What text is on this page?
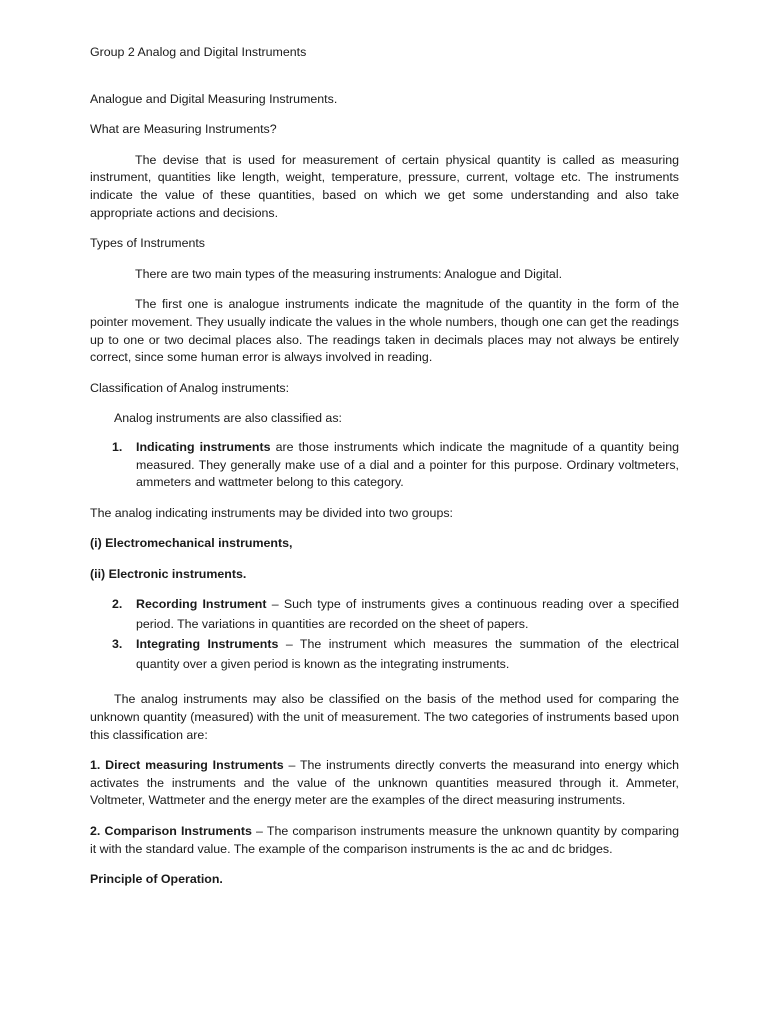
Group 2 Analog and Digital Instruments

Analogue and Digital Measuring Instruments.

What are Measuring Instruments?

The devise that is used for measurement of certain physical quantity is called as measuring instrument, quantities like length, weight, temperature, pressure, current, voltage etc. The instruments indicate the value of these quantities, based on which we get some understanding and also take appropriate actions and decisions.

Types of Instruments

There are two main types of the measuring instruments: Analogue and Digital.

The first one is analogue instruments indicate the magnitude of the quantity in the form of the pointer movement. They usually indicate the values in the whole numbers, though one can get the readings up to one or two decimal places also. The readings taken in decimals places may not always be entirely correct, since some human error is always involved in reading.

Classification of Analog instruments:

Analog instruments are also classified as:

1. Indicating instruments are those instruments which indicate the magnitude of a quantity being measured. They generally make use of a dial and a pointer for this purpose. Ordinary voltmeters, ammeters and wattmeter belong to this category.

The analog indicating instruments may be divided into two groups:

(i) Electromechanical instruments,

(ii) Electronic instruments.

2. Recording Instrument – Such type of instruments gives a continuous reading over a specified period. The variations in quantities are recorded on the sheet of papers.
3. Integrating Instruments – The instrument which measures the summation of the electrical quantity over a given period is known as the integrating instruments.

The analog instruments may also be classified on the basis of the method used for comparing the unknown quantity (measured) with the unit of measurement. The two categories of instruments based upon this classification are:

1. Direct measuring Instruments – The instruments directly converts the measurand into energy which activates the instruments and the value of the unknown quantities measured through it. Ammeter, Voltmeter, Wattmeter and the energy meter are the examples of the direct measuring instruments.

2. Comparison Instruments – The comparison instruments measure the unknown quantity by comparing it with the standard value. The example of the comparison instruments is the ac and dc bridges.

Principle of Operation.
